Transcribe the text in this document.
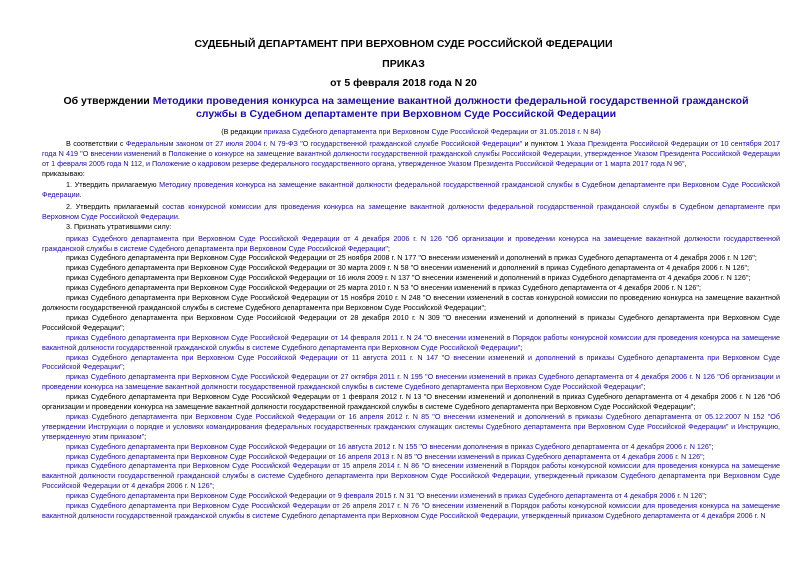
СУДЕБНЫЙ ДЕПАРТАМЕНТ ПРИ ВЕРХОВНОМ СУДЕ РОССИЙСКОЙ ФЕДЕРАЦИИ
ПРИКАЗ
от 5 февраля 2018 года N 20
Об утверждении Методики проведения конкурса на замещение вакантной должности федеральной государственной гражданской службы в Судебном департаменте при Верховном Суде Российской Федерации

(В редакции приказа Судебного департамента при Верховном Суде Российской Федерации от 31.05.2018 г. N 84)

В соответствии с Федеральным законом от 27 июля 2004 г. N 79-ФЗ "О государственной гражданской службе Российской Федерации" и пунктом 1 Указа Президента Российской Федерации от 10 сентября 2017 года N 419 "О внесении изменений в Положение о конкурсе на замещение вакантной должности государственной гражданской службы Российской Федерации, утвержденное Указом Президента Российской Федерации от 1 февраля 2005 года N 112, и Положение о кадровом резерве федерального государственного органа, утвержденное Указом Президента Российской Федерации от 1 марта 2017 года N 96",

приказываю:

1. Утвердить прилагаемую Методику проведения конкурса на замещение вакантной должности федеральной государственной гражданской службы в Судебном департаменте при Верховном Суде Российской Федерации.

2. Утвердить прилагаемый состав конкурсной комиссии для проведения конкурса на замещение вакантной должности федеральной государственной гражданской службы в Судебном департаменте при Верховном Суде Российской Федерации.

3. Признать утратившими силу:

приказ Судебного департамента при Верховном Суде Российской Федерации от 4 декабря 2006 г. N 126 "Об организации и проведении конкурса на замещение вакантной должности государственной гражданской службы в системе Судебного департамента при Верховном Суде Российской Федерации";

приказ Судебного департамента при Верховном Суде Российской Федерации от 25 ноября 2008 г. N 177 "О внесении изменений и дополнений в приказ Судебного департамента от 4 декабря 2006 г. N 126";

приказ Судебного департамента при Верховном Суде Российской Федерации от 30 марта 2009 г. N 58 "О внесении изменений и дополнений в приказ Судебного департамента от 4 декабря 2006 г. N 126";

приказ Судебного департамента при Верховном Суде Российской Федерации от 16 июля 2009 г. N 137 "О внесении изменений и дополнений в приказ Судебного департамента от 4 декабря 2006 г. N 126";

приказ Судебного департамента при Верховном Суде Российской Федерации от 25 марта 2010 г. N 53 "О внесении изменений в приказ Судебного департамента от 4 декабря 2006 г. N 126";

приказ Судебного департамента при Верховном Суде Российской Федерации от 15 ноября 2010 г. N 248 "О внесении изменений в состав конкурсной комиссии по проведению конкурса на замещение вакантной должности государственной гражданской службы в системе Судебного департамента при Верховном Суде Российской Федерации";

приказ Судебного департамента при Верховном Суде Российской Федерации от 28 декабря 2010 г. N 309 "О внесении изменений и дополнений в приказы Судебного департамента при Верховном Суде Российской Федерации";

приказ Судебного департамента при Верховном Суде Российской Федерации от 14 февраля 2011 г. N 24 "О внесении изменений в Порядок работы конкурсной комиссии для проведения конкурса на замещение вакантной должности государственной гражданской службы в системе Судебного департамента при Верховном Суде Российской Федерации";

приказ Судебного департамента при Верховном Суде Российской Федерации от 11 августа 2011 г. N 147 "О внесении изменений и дополнений в приказы Судебного департамента при Верховном Суде Российской Федерации";

приказ Судебного департамента при Верховном Суде Российской Федерации от 27 октября 2011 г. N 195 "О внесении изменений в приказ Судебного департамента от 4 декабря 2006 г. N 126 "Об организации и проведении конкурса на замещение вакантной должности государственной гражданской службы в системе Судебного департамента при Верховном Суде Российской Федерации";

приказ Судебного департамента при Верховном Суде Российской Федерации от 1 февраля 2012 г. N 13 "О внесении изменений и дополнений в приказ Судебного департамента от 4 декабря 2006 г. N 126 "Об организации и проведении конкурса на замещение вакантной должности государственной гражданской службы в системе Судебного департамента при Верховном Суде Российской Федерации";

приказ Судебного департамента при Верховном Суде Российской Федерации от 16 апреля 2012 г. N 85 "О внесении изменений и дополнений в приказы Судебного департамента от 05.12.2007 N 152 "Об утверждении Инструкции о порядке и условиях командирования федеральных государственных гражданских служащих системы Судебного департамента при Верховном Суде Российской Федерации" и Инструкцию, утвержденную этим приказом";

приказ Судебного департамента при Верховном Суде Российской Федерации от 16 августа 2012 г. N 155 "О внесении дополнения в приказ Судебного департамента от 4 декабря 2006 г. N 126";

приказ Судебного департамента при Верховном Суде Российской Федерации от 16 апреля 2013 г. N 85 "О внесении изменений в приказ Судебного департамента от 4 декабря 2006 г. N 126";

приказ Судебного департамента при Верховном Суде Российской Федерации от 15 апреля 2014 г. N 86 "О внесении изменений в Порядок работы конкурсной комиссии для проведения конкурса на замещение вакантной должности государственной гражданской службы в системе Судебного департамента при Верховном Суде Российской Федерации, утвержденный приказом Судебного департамента при Верховном Суде Российской Федерации от 4 декабря 2006 г. N 126";

приказ Судебного департамента при Верховном Суде Российской Федерации от 9 февраля 2015 г. N 31 "О внесении изменений в приказ Судебного департамента от 4 декабря 2006 г. N 126";

приказ Судебного департамента при Верховном Суде Российской Федерации от 26 апреля 2017 г. N 76 "О внесении изменений в Порядок работы конкурсной комиссии для проведения конкурса на замещение вакантной должности государственной гражданской службы в системе Судебного департамента при Верховном Суде Российской Федерации, утвержденный приказом Судебного департамента от 4 декабря 2006 г. N
